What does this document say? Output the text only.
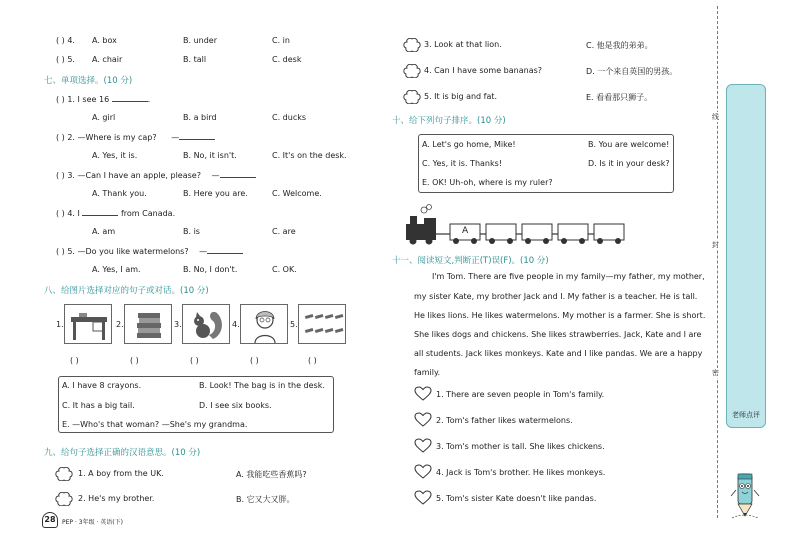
( ) 4. A. box	B. under	C. in
( ) 5. A. chair	B. tall	C. desk
七、单项选择。(10 分)
( ) 1. I see 16	.
A. girl	B. a bird	C. ducks
( ) 2. —Where is my cap? —
A. Yes, it is.	B. No, it isn't.	C. It's on the desk.
( ) 3. —Can I have an apple, please? —
A. Thank you.	B. Here you are.	C. Welcome.
( ) 4. I	from Canada.
A. am	B. is	C. are
( ) 5. —Do you like watermelons? —
A. Yes, I am.	B. No, I don't.	C. OK.
八、给图片选择对应的句子或对话。(10 分)
1.	2.	3.	4.	5.
( )	( )	( )	( )	( )
A. I have 8 crayons.	B. Look! The bag is in the desk.
C. It has a big tail.	D. I see six books.
E. —Who's that woman? —She's my grandma.
九、给句子选择正确的汉语意思。(10 分)
1. A boy from the UK.	A. 我能吃些香蕉吗?
2. He's my brother.	B. 它又大又胖。
28	PEP · 3年级 · 英语(下)
3. Look at that lion.	C. 他是我的弟弟。
4. Can I have some bananas?	D. 一个来自英国的男孩。
5. It is big and fat.	E. 看看那只狮子。
十、给下列句子排序。(10 分)
A. Let's go home, Mike!	B. You are welcome!
C. Yes, it is. Thanks!	D. Is it in your desk?
E. OK! Uh-oh, where is my ruler?
A
十一、阅读短文,判断正(T)误(F)。(10 分)
I'm Tom. There are five people in my family—my father, my mother,
my sister Kate, my brother Jack and I. My father is a teacher. He is tall.
He likes lions. He likes watermelons. My mother is a farmer. She is short.
She likes dogs and chickens. She likes strawberries. Jack, Kate and I are
all students. Jack likes monkeys. Kate and I like pandas. We are a happy
family.
1. There are seven people in Tom's family.
2. Tom's father likes watermelons.
3. Tom's mother is tall. She likes chickens.
4. Jack is Tom's brother. He likes monkeys.
5. Tom's sister Kate doesn't like pandas.
线
封
密
老师点评
